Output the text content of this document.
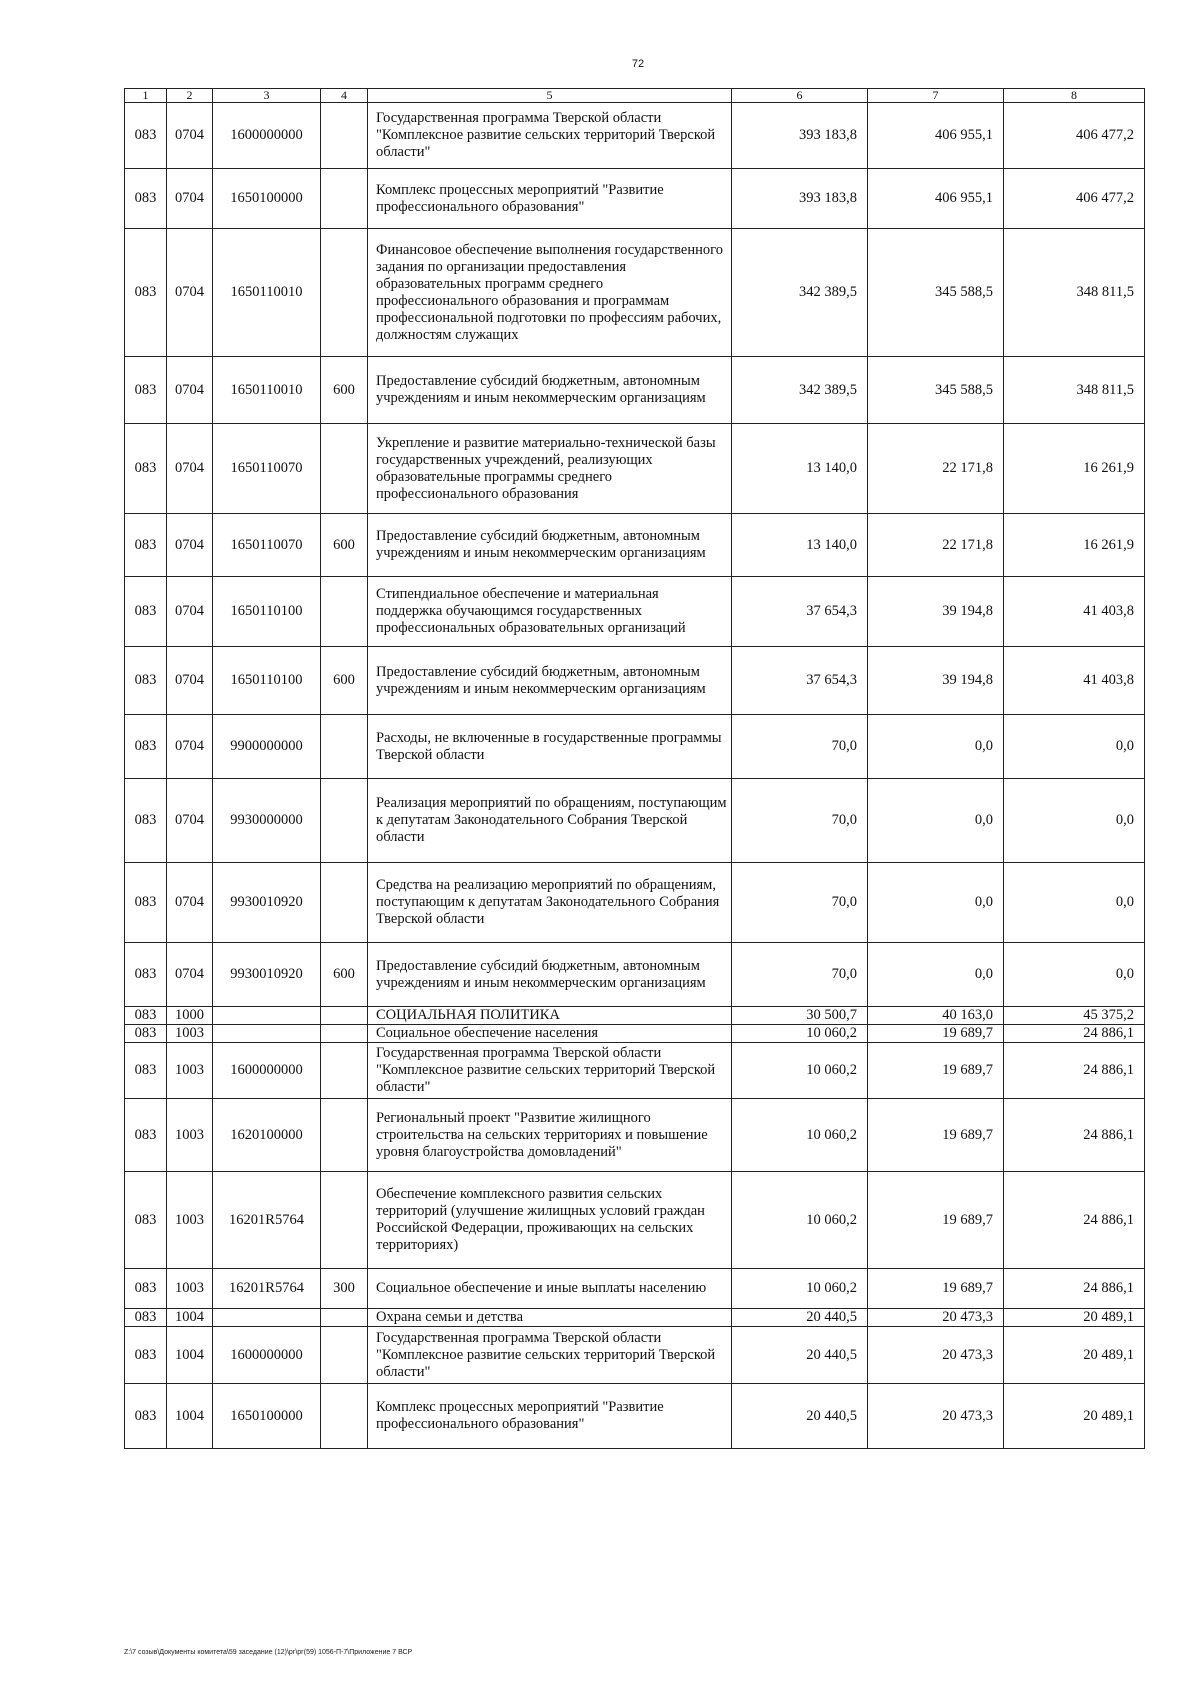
72
1	2	3	4	5	6	7	8
083	0704	1600000000		Государственная программа Тверской области "Комплексное развитие сельских территорий Тверской области"	393 183,8	406 955,1	406 477,2
083	0704	1650100000		Комплекс процессных мероприятий "Развитие профессионального образования"	393 183,8	406 955,1	406 477,2
083	0704	1650110010		Финансовое обеспечение выполнения государственного задания по организации предоставления образовательных программ среднего профессионального образования и программам профессиональной подготовки по профессиям рабочих, должностям служащих	342 389,5	345 588,5	348 811,5
083	0704	1650110010	600	Предоставление субсидий бюджетным, автономным учреждениям и иным некоммерческим организациям	342 389,5	345 588,5	348 811,5
083	0704	1650110070		Укрепление и развитие материально-технической базы государственных учреждений, реализующих образовательные программы среднего профессионального образования	13 140,0	22 171,8	16 261,9
083	0704	1650110070	600	Предоставление субсидий бюджетным, автономным учреждениям и иным некоммерческим организациям	13 140,0	22 171,8	16 261,9
083	0704	1650110100		Стипендиальное обеспечение и материальная поддержка обучающимся государственных профессиональных образовательных организаций	37 654,3	39 194,8	41 403,8
083	0704	1650110100	600	Предоставление субсидий бюджетным, автономным учреждениям и иным некоммерческим организациям	37 654,3	39 194,8	41 403,8
083	0704	9900000000		Расходы, не включенные в государственные программы Тверской области	70,0	0,0	0,0
083	0704	9930000000		Реализация мероприятий по обращениям, поступающим к депутатам Законодательного Собрания Тверской области	70,0	0,0	0,0
083	0704	9930010920		Средства на реализацию мероприятий по обращениям, поступающим к депутатам Законодательного Собрания Тверской области	70,0	0,0	0,0
083	0704	9930010920	600	Предоставление субсидий бюджетным, автономным учреждениям и иным некоммерческим организациям	70,0	0,0	0,0
083	1000			СОЦИАЛЬНАЯ ПОЛИТИКА	30 500,7	40 163,0	45 375,2
083	1003			Социальное обеспечение населения	10 060,2	19 689,7	24 886,1
083	1003	1600000000		Государственная программа Тверской области "Комплексное развитие сельских территорий Тверской области"	10 060,2	19 689,7	24 886,1
083	1003	1620100000		Региональный проект "Развитие жилищного строительства на сельских территориях и повышение уровня благоустройства домовладений"	10 060,2	19 689,7	24 886,1
083	1003	16201R5764		Обеспечение комплексного развития сельских территорий (улучшение жилищных условий граждан Российской Федерации, проживающих на сельских территориях)	10 060,2	19 689,7	24 886,1
083	1003	16201R5764	300	Социальное обеспечение и иные выплаты населению	10 060,2	19 689,7	24 886,1
083	1004			Охрана семьи и детства	20 440,5	20 473,3	20 489,1
083	1004	1600000000		Государственная программа Тверской области "Комплексное развитие сельских территорий Тверской области"	20 440,5	20 473,3	20 489,1
083	1004	1650100000		Комплекс процессных мероприятий "Развитие профессионального образования"	20 440,5	20 473,3	20 489,1
Z:\7 созыв\Документы комитета\59 заседание (12)\рг\рг(59) 1056-П-7\Приложение 7 ВСР
